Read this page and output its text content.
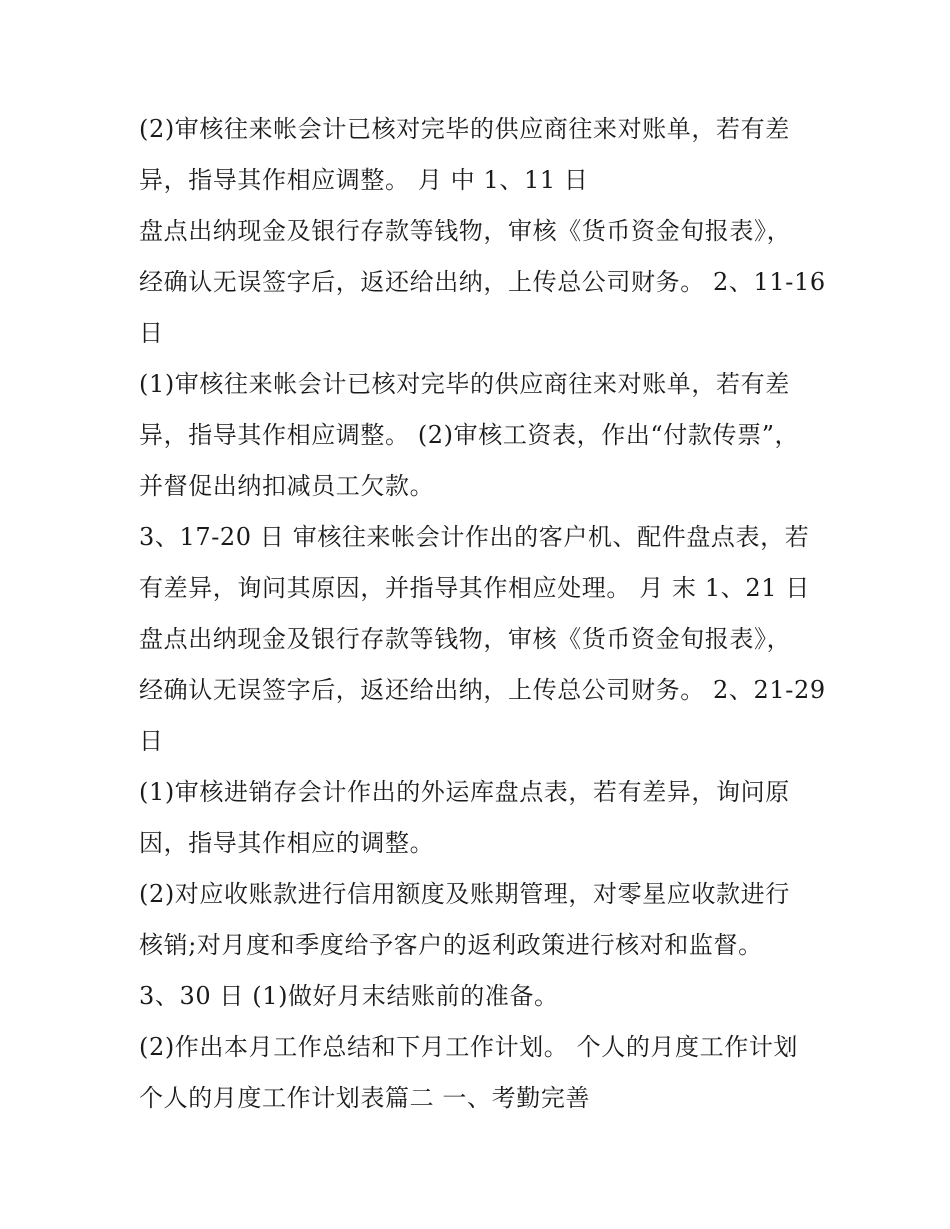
(2)审核往来帐会计已核对完毕的供应商往来对账单，若有差
异，指导其作相应调整。 月 中 1、11 日
盘点出纳现金及银行存款等钱物，审核《货币资金旬报表》，
经确认无误签字后，返还给出纳，上传总公司财务。 2、11-16
日
(1)审核往来帐会计已核对完毕的供应商往来对账单，若有差
异，指导其作相应调整。 (2)审核工资表，作出“付款传票”，
并督促出纳扣减员工欠款。
3、17-20 日 审核往来帐会计作出的客户机、配件盘点表，若
有差异，询问其原因，并指导其作相应处理。 月 末 1、21 日
盘点出纳现金及银行存款等钱物，审核《货币资金旬报表》，
经确认无误签字后，返还给出纳，上传总公司财务。 2、21-29
日
(1)审核进销存会计作出的外运库盘点表，若有差异，询问原
因，指导其作相应的调整。
(2)对应收账款进行信用额度及账期管理，对零星应收款进行
核销;对月度和季度给予客户的返利政策进行核对和监督。
3、30 日 (1)做好月末结账前的准备。
(2)作出本月工作总结和下月工作计划。 个人的月度工作计划
个人的月度工作计划表篇二 一、考勤完善
